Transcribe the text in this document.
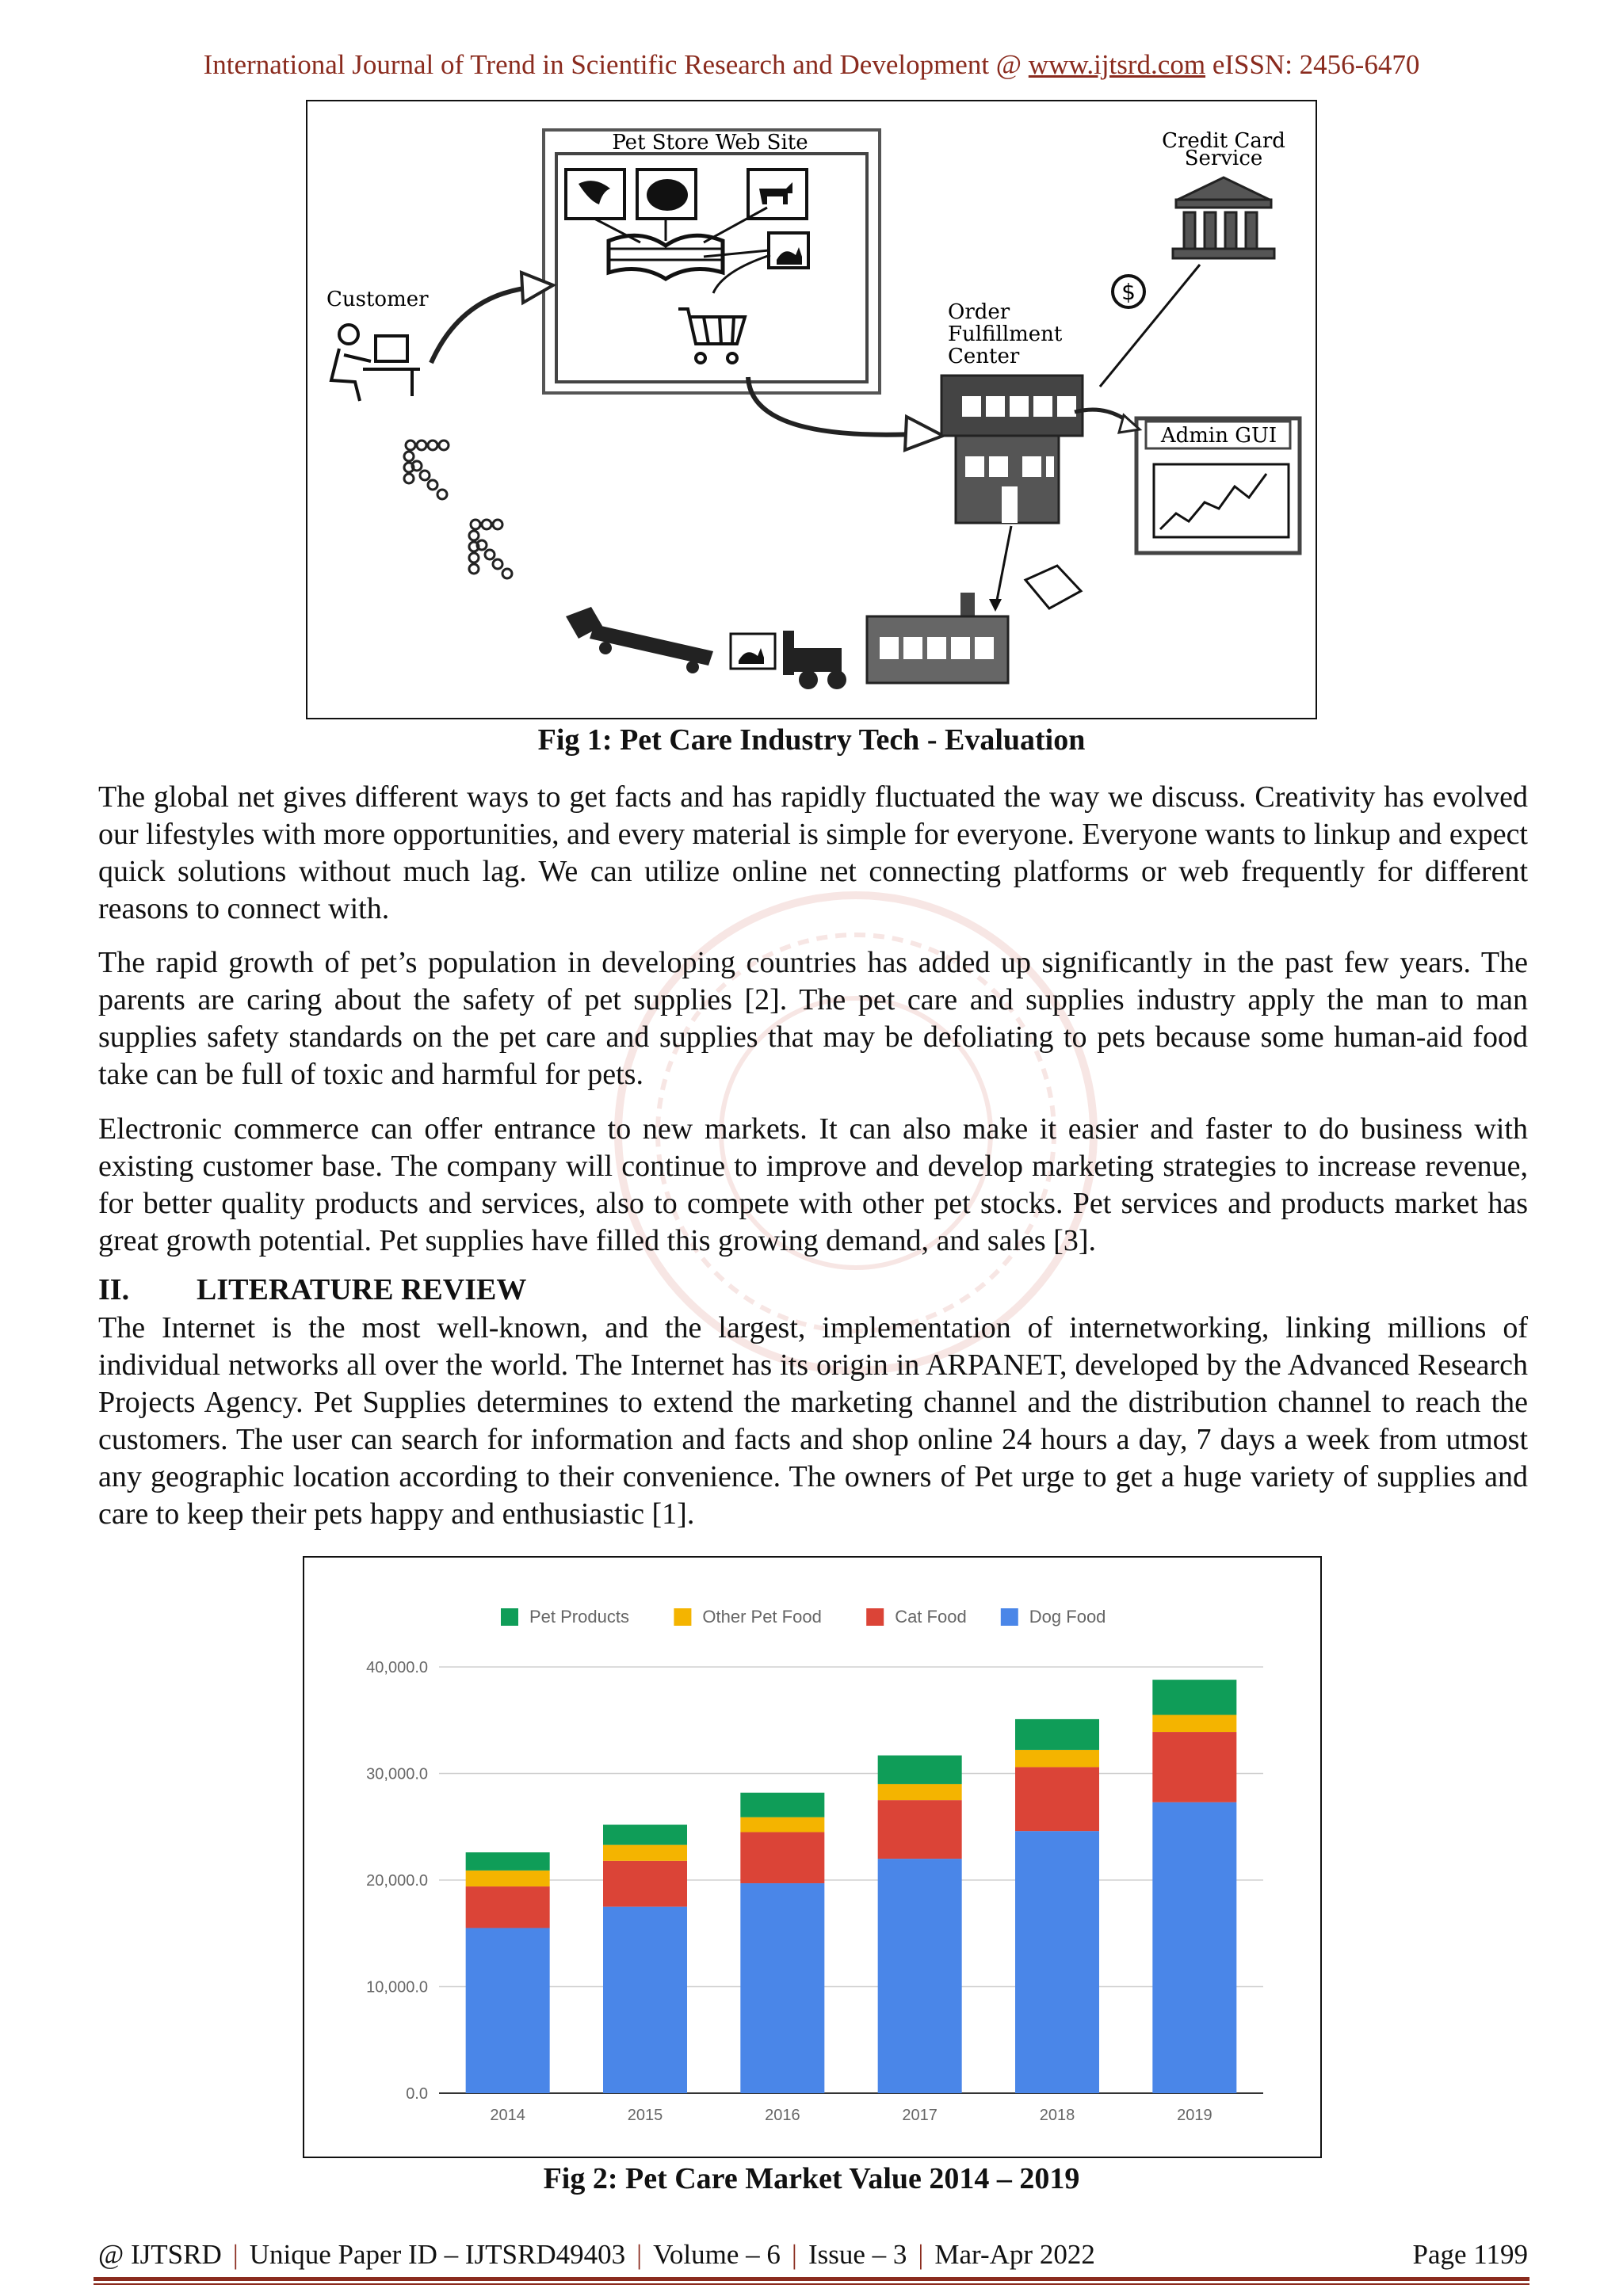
International Journal of Trend in Scientific Research and Development @ www.ijtsrd.com eISSN: 2456-6470
Pet Store Web Site
Customer
Credit Card
Service
$
Order
Fulfillment
Center
Admin GUI
Fig 1: Pet Care Industry Tech - Evaluation
The global net gives different ways to get facts and has rapidly fluctuated the way we discuss. Creativity has evolved our lifestyles with more opportunities, and every material is simple for everyone. Everyone wants to linkup and expect quick solutions without much lag. We can utilize online net connecting platforms or web frequently for different reasons to connect with.
The rapid growth of pet’s population in developing countries has added up significantly in the past few years. The parents are caring about the safety of pet supplies [2]. The pet care and supplies industry apply the man to man supplies safety standards on the pet care and supplies that may be defoliating to pets because some human-aid food take can be full of toxic and harmful for pets.
Electronic commerce can offer entrance to new markets. It can also make it easier and faster to do business with existing customer base. The company will continue to improve and develop marketing strategies to increase revenue, for better quality products and services, also to compete with other pet stocks. Pet services and products market has great growth potential. Pet supplies have filled this growing demand, and sales [3].
II. LITERATURE REVIEW
The Internet is the most well-known, and the largest, implementation of internetworking, linking millions of individual networks all over the world. The Internet has its origin in ARPANET, developed by the Advanced Research Projects Agency. Pet Supplies determines to extend the marketing channel and the distribution channel to reach the customers. The user can search for information and facts and shop online 24 hours a day, 7 days a week from utmost any geographic location according to their convenience. The owners of Pet urge to get a huge variety of supplies and care to keep their pets happy and enthusiastic [1].
0.0
10,000.0
20,000.0
30,000.0
40,000.0
2014	2015	2016	2017	2018	2019
Pet Products	Other Pet Food	Cat Food	Dog Food
Fig 2: Pet Care Market Value 2014 – 2019
@ IJTSRD | Unique Paper ID – IJTSRD49403 | Volume – 6 | Issue – 3 | Mar-Apr 2022	Page 1199
